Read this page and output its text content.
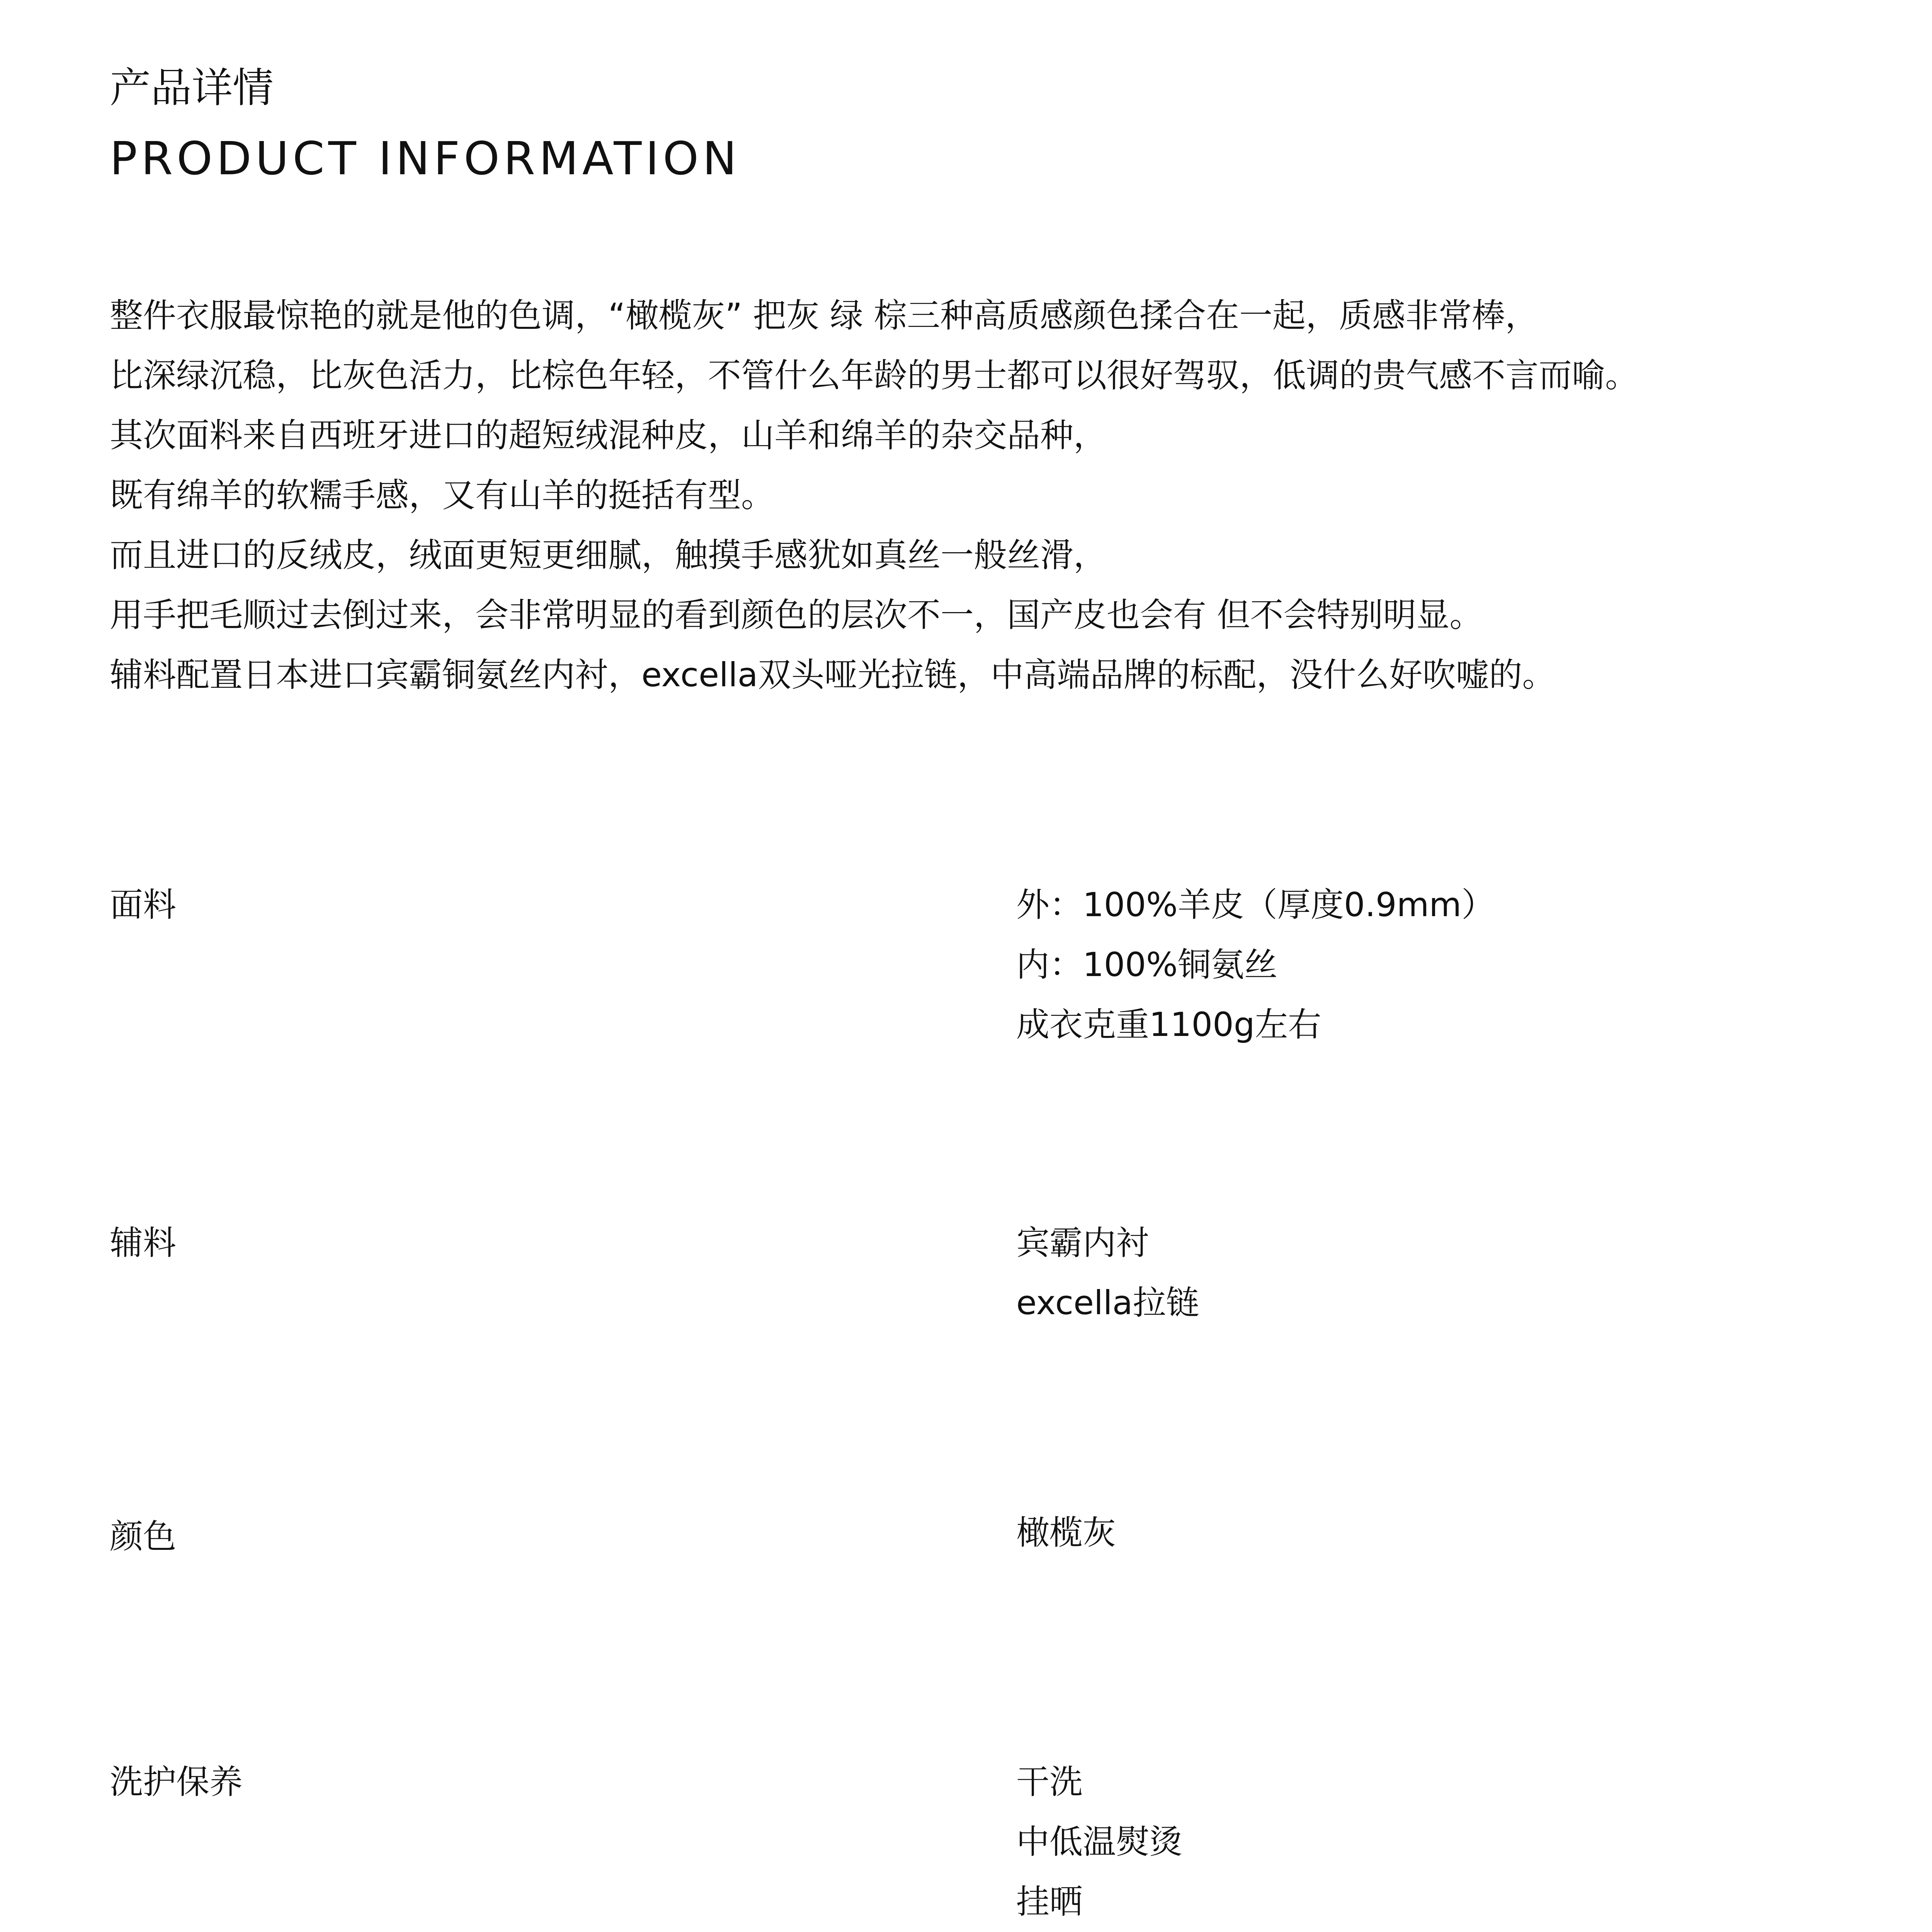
产品详情
PRODUCT INFORMATION
整件衣服最惊艳的就是他的色调，“橄榄灰” 把灰 绿 棕三种高质感颜色揉合在一起，质感非常棒，
比深绿沉稳，比灰色活力，比棕色年轻，不管什么年龄的男士都可以很好驾驭，低调的贵气感不言而喻。
其次面料来自西班牙进口的超短绒混种皮，山羊和绵羊的杂交品种，
既有绵羊的软糯手感，又有山羊的挺括有型。
而且进口的反绒皮，绒面更短更细腻，触摸手感犹如真丝一般丝滑，
用手把毛顺过去倒过来，会非常明显的看到颜色的层次不一，国产皮也会有 但不会特别明显。
辅料配置日本进口宾霸铜氨丝内衬，excella双头哑光拉链，中高端品牌的标配，没什么好吹嘘的。
面料	外：100%羊皮（厚度0.9mm）
内：100%铜氨丝
成衣克重1100g左右
辅料	宾霸内衬
excella拉链
颜色	橄榄灰
洗护保养	干洗
中低温熨烫
挂晒
